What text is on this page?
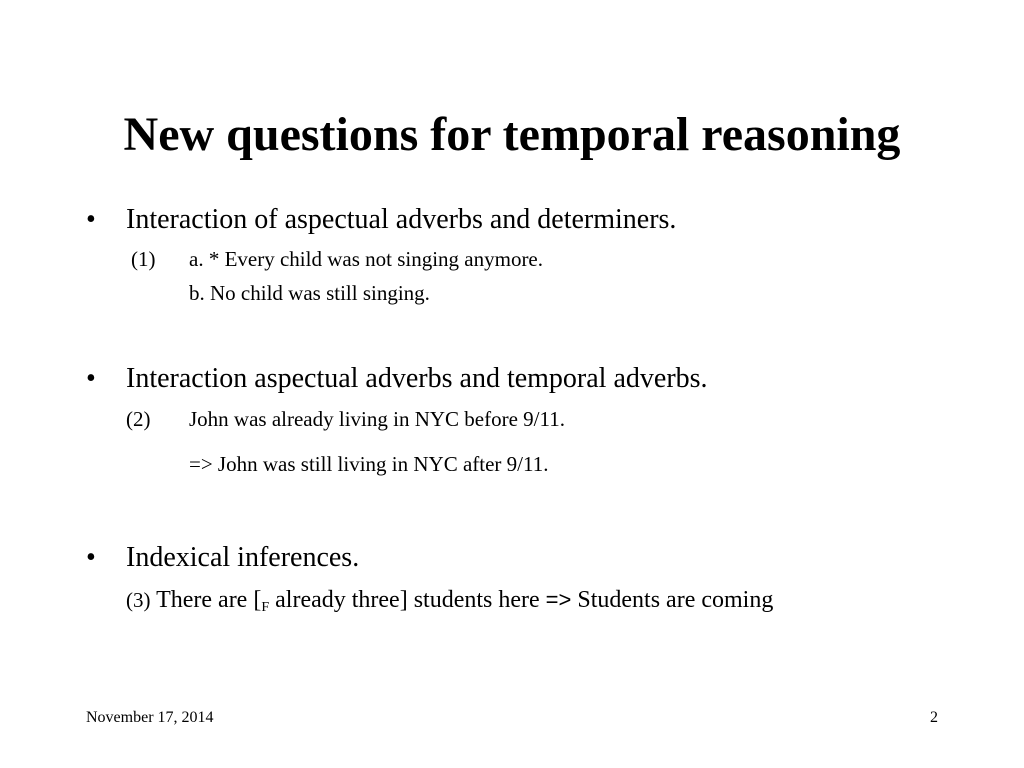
New questions for temporal reasoning
• Interaction of aspectual adverbs and determiners.
(1) a. * Every child was not singing anymore.
b. No child was still singing.
• Interaction aspectual adverbs and temporal adverbs.
(2) John was already living in NYC before 9/11.
=> John was still living in NYC after 9/11.
• Indexical inferences.
(3) There are [$_F$ already three] students here => Students are coming
November 17, 2014	2
